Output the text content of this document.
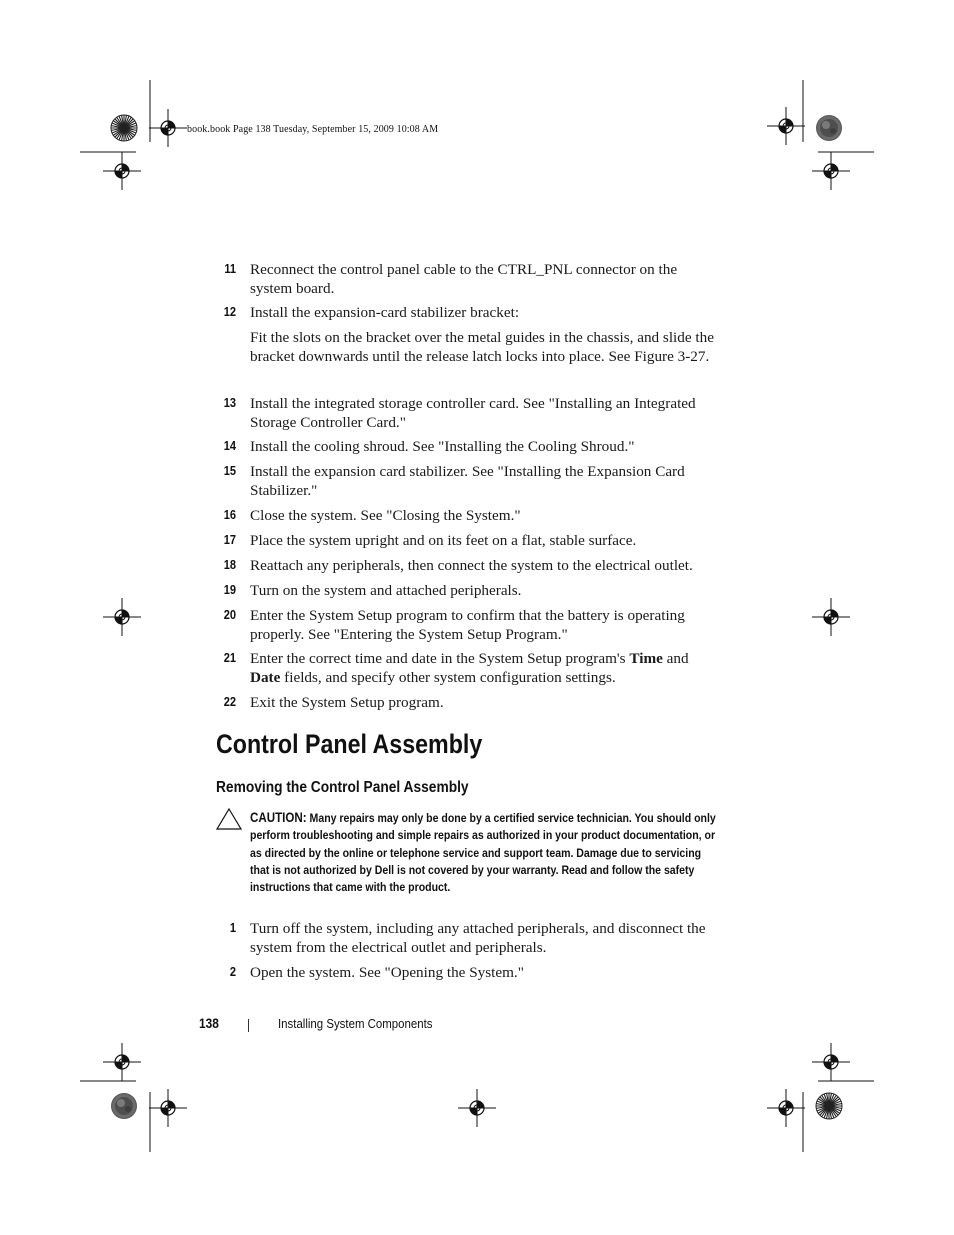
book.book Page 138 Tuesday, September 15, 2009 10:08 AM
11 Reconnect the control panel cable to the CTRL_PNL connector on the system board.
12 Install the expansion-card stabilizer bracket:
Fit the slots on the bracket over the metal guides in the chassis, and slide the bracket downwards until the release latch locks into place. See Figure 3-27.
13 Install the integrated storage controller card. See "Installing an Integrated Storage Controller Card."
14 Install the cooling shroud. See "Installing the Cooling Shroud."
15 Install the expansion card stabilizer. See "Installing the Expansion Card Stabilizer."
16 Close the system. See "Closing the System."
17 Place the system upright and on its feet on a flat, stable surface.
18 Reattach any peripherals, then connect the system to the electrical outlet.
19 Turn on the system and attached peripherals.
20 Enter the System Setup program to confirm that the battery is operating properly. See "Entering the System Setup Program."
21 Enter the correct time and date in the System Setup program's Time and Date fields, and specify other system configuration settings.
22 Exit the System Setup program.
Control Panel Assembly
Removing the Control Panel Assembly
CAUTION: Many repairs may only be done by a certified service technician. You should only perform troubleshooting and simple repairs as authorized in your product documentation, or as directed by the online or telephone service and support team. Damage due to servicing that is not authorized by Dell is not covered by your warranty. Read and follow the safety instructions that came with the product.
1 Turn off the system, including any attached peripherals, and disconnect the system from the electrical outlet and peripherals.
2 Open the system. See "Opening the System."
138	Installing System Components
